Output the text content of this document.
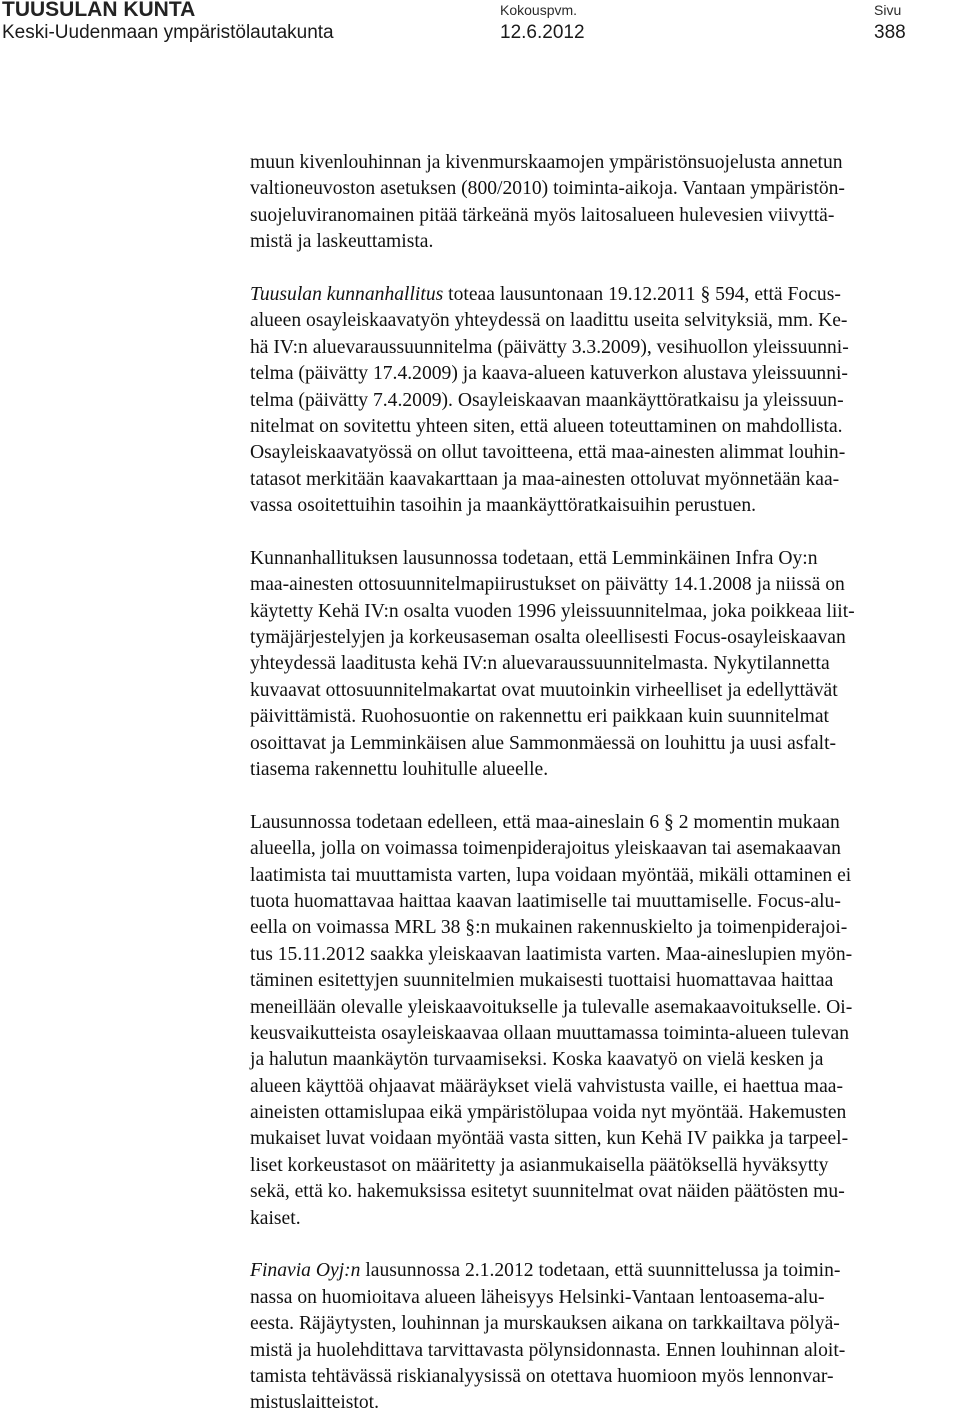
TUUSULAN KUNTA
Keski-Uudenmaan ympäristölautakunta
Kokouspvm.
12.6.2012
Sivu
388
muun kivenlouhinnan ja kivenmurskaamojen ympäristönsuojelusta annetun
valtioneuvoston asetuksen (800/2010) toiminta-aikoja. Vantaan ympäristön-
suojeluviranomainen pitää tärkeänä myös laitosalueen hulevesien viivyttä-
mistä ja laskeuttamista.
Tuusulan kunnanhallitus toteaa lausuntonaan 19.12.2011 § 594, että Focus-
alueen osayleiskaavatyön yhteydessä on laadittu useita selvityksiä, mm. Ke-
hä IV:n aluevaraussuunnitelma (päivätty 3.3.2009), vesihuollon yleissuunni-
telma (päivätty 17.4.2009) ja kaava-alueen katuverkon alustava yleissuunni-
telma (päivätty 7.4.2009). Osayleiskaavan maankäyttöratkaisu ja yleissuun-
nitelmat on sovitettu yhteen siten, että alueen toteuttaminen on mahdollista.
Osayleiskaavatyössä on ollut tavoitteena, että maa-ainesten alimmat louhin-
tatasot merkitään kaavakarttaan ja maa-ainesten ottoluvat myönnetään kaa-
vassa osoitettuihin tasoihin ja maankäyttöratkaisuihin perustuen.
Kunnanhallituksen lausunnossa todetaan, että Lemminkäinen Infra Oy:n
maa-ainesten ottosuunnitelmapiirustukset on päivätty 14.1.2008 ja niissä on
käytetty Kehä IV:n osalta vuoden 1996 yleissuunnitelmaa, joka poikkeaa liit-
tymäjärjestelyjen ja korkeusaseman osalta oleellisesti Focus-osayleiskaavan
yhteydessä laaditusta kehä IV:n aluevaraussuunnitelmasta. Nykytilannetta
kuvaavat ottosuunnitelmakartat ovat muutoinkin virheelliset ja edellyttävät
päivittämistä. Ruohosuontie on rakennettu eri paikkaan kuin suunnitelmat
osoittavat ja Lemminkäisen alue Sammonmäessä on louhittu ja uusi asfalt-
tiasema rakennettu louhitulle alueelle.
Lausunnossa todetaan edelleen, että maa-aineslain 6 § 2 momentin mukaan
alueella, jolla on voimassa toimenpiderajoitus yleiskaavan tai asemakaavan
laatimista tai muuttamista varten, lupa voidaan myöntää, mikäli ottaminen ei
tuota huomattavaa haittaa kaavan laatimiselle tai muuttamiselle. Focus-alu-
eella on voimassa MRL 38 §:n mukainen rakennuskielto ja toimenpiderajoi-
tus 15.11.2012 saakka yleiskaavan laatimista varten. Maa-aineslupien myön-
täminen esitettyjen suunnitelmien mukaisesti tuottaisi huomattavaa haittaa
meneillään olevalle yleiskaavoitukselle ja tulevalle asemakaavoitukselle. Oi-
keusvaikutteista osayleiskaavaa ollaan muuttamassa toiminta-alueen tulevan
ja halutun maankäytön turvaamiseksi. Koska kaavatyö on vielä kesken ja
alueen käyttöä ohjaavat määräykset vielä vahvistusta vaille, ei haettua maa-
aineisten ottamislupaa eikä ympäristölupaa voida nyt myöntää. Hakemusten
mukaiset luvat voidaan myöntää vasta sitten, kun Kehä IV paikka ja tarpeel-
liset korkeustasot on määritetty ja asianmukaisella päätöksellä hyväksytty
sekä, että ko. hakemuksissa esitetyt suunnitelmat ovat näiden päätösten mu-
kaiset.
Finavia Oyj:n lausunnossa 2.1.2012 todetaan, että suunnittelussa ja toimin-
nassa on huomioitava alueen läheisyys Helsinki-Vantaan lentoasema-alu-
eesta. Räjäytysten, louhinnan ja murskauksen aikana on tarkkailtava pölyä-
mistä ja huolehdittava tarvittavasta pölynsidonnasta. Ennen louhinnan aloit-
tamista tehtävässä riskianalyysissä on otettava huomioon myös lennonvar-
mistuslaitteistot.
